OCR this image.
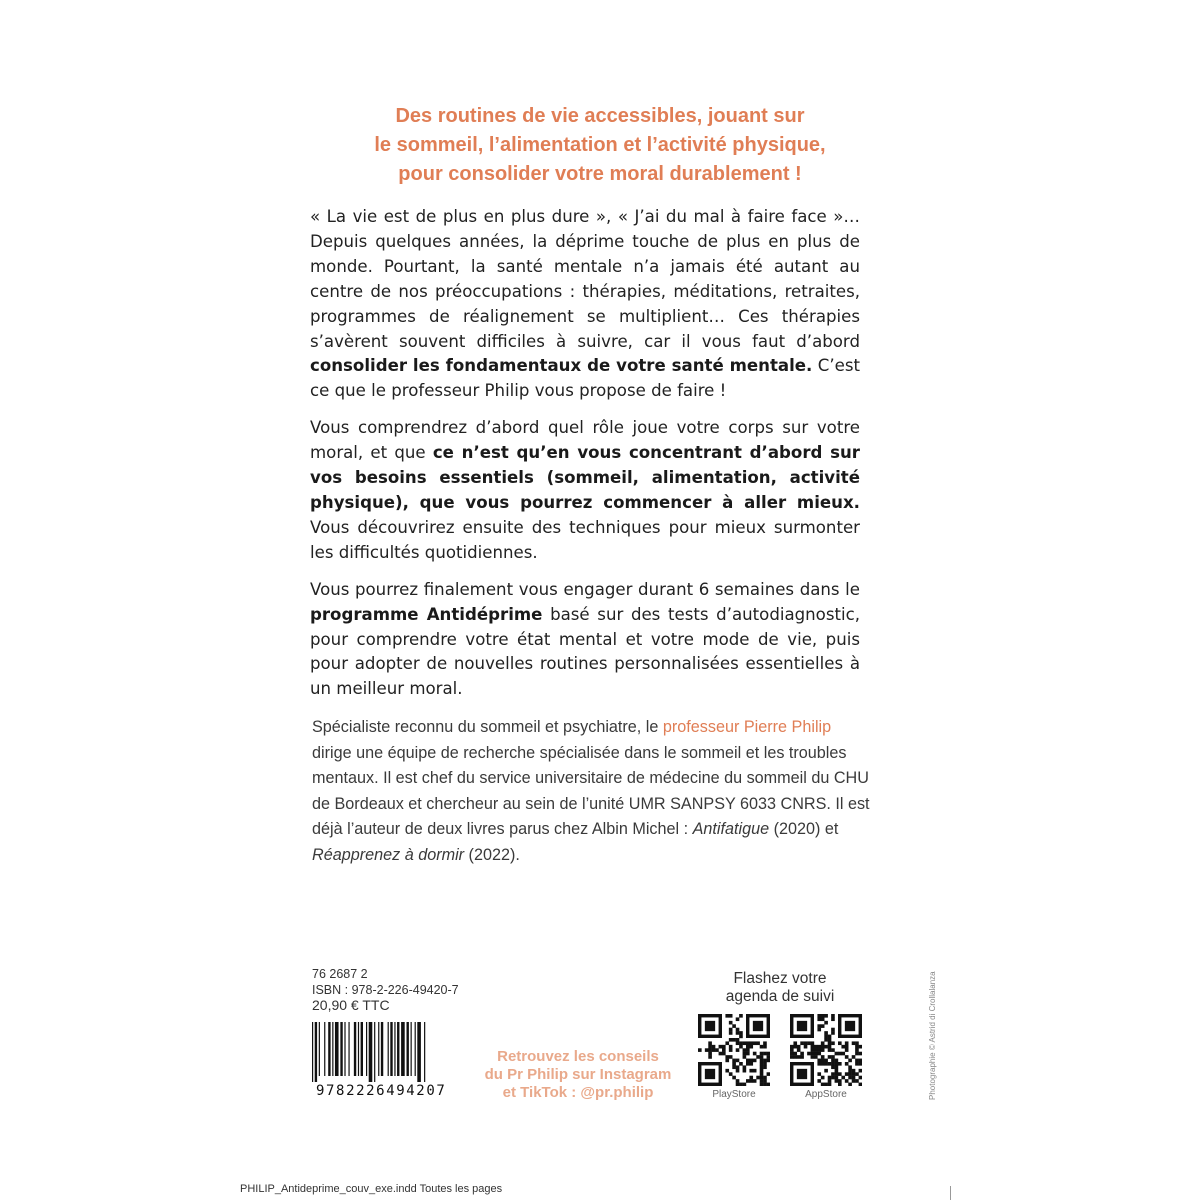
Des routines de vie accessibles, jouant sur
le sommeil, l’alimentation et l’activité physique,
pour consolider votre moral durablement !

« La vie est de plus en plus dure », « J’ai du mal à faire face »… Depuis quelques années, la déprime touche de plus en plus de monde. Pourtant, la santé mentale n’a jamais été autant au centre de nos préoccupations : thérapies, méditations, retraites, programmes de réalignement se multiplient… Ces thérapies s’avèrent souvent difficiles à suivre, car il vous faut d’abord consolider les fondamentaux de votre santé mentale. C’est ce que le professeur Philip vous propose de faire !

Vous comprendrez d’abord quel rôle joue votre corps sur votre moral, et que ce n’est qu’en vous concentrant d’abord sur vos besoins essentiels (sommeil, alimentation, activité physique), que vous pourrez commencer à aller mieux. Vous découvrirez ensuite des techniques pour mieux surmonter les difficultés quotidiennes.

Vous pourrez finalement vous engager durant 6 semaines dans le programme Antidéprime basé sur des tests d’autodiagnostic, pour comprendre votre état mental et votre mode de vie, puis pour adopter de nouvelles routines personnalisées essentielles à un meilleur moral.

Spécialiste reconnu du sommeil et psychiatre, le professeur Pierre Philip dirige une équipe de recherche spécialisée dans le sommeil et les troubles mentaux. Il est chef du service universitaire de médecine du sommeil du CHU de Bordeaux et chercheur au sein de l’unité UMR SANPSY 6033 CNRS. Il est déjà l’auteur de deux livres parus chez Albin Michel : Antifatigue (2020) et Réapprenez à dormir (2022).
76 2687 2
ISBN : 978-2-226-49420-7
20,90 € TTC
9782226494207
Retrouvez les conseils
du Pr Philip sur Instagram
et TikTok : @pr.philip
Flashez votre
agenda de suivi
PlayStore	AppStore	Photographie © Astrid di Crollalanza
PHILIP_Antideprime_couv_exe.indd Toutes les pages
